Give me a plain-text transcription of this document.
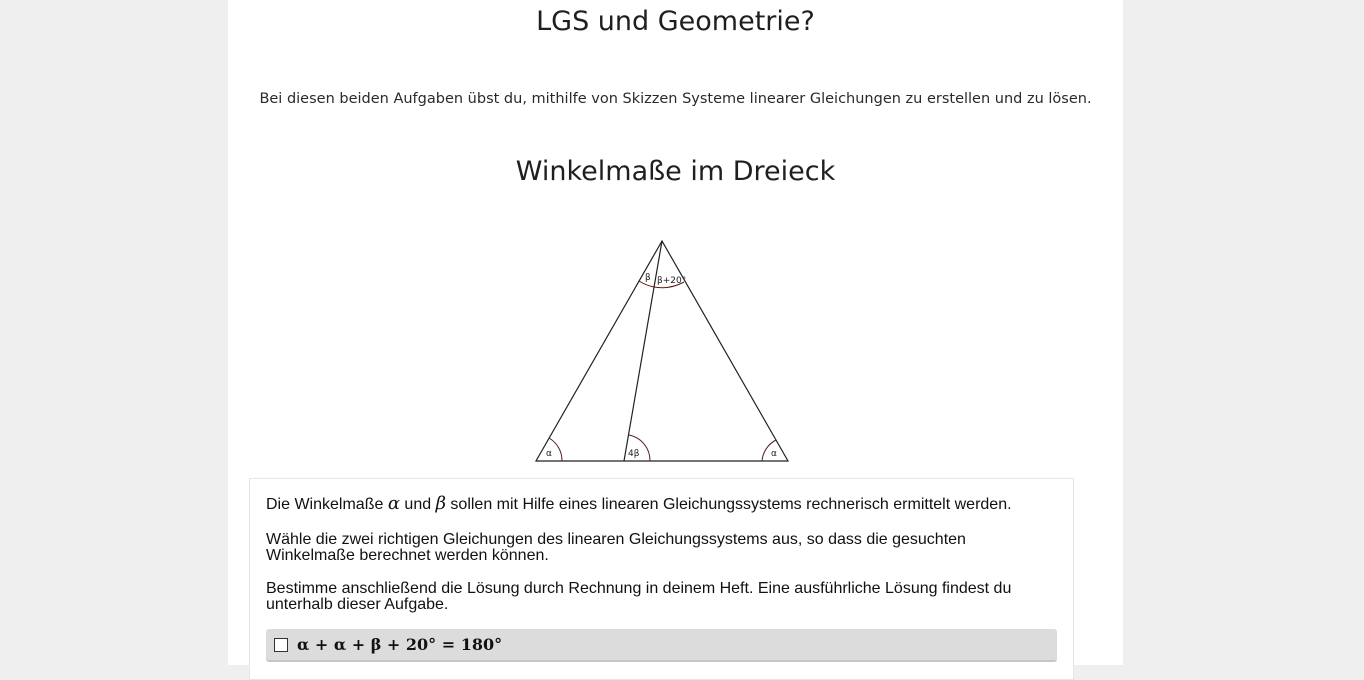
LGS und Geometrie?

Bei diesen beiden Aufgaben übst du, mithilfe von Skizzen Systeme linearer Gleichungen zu erstellen und zu lösen.

Winkelmaße im Dreieck
β β+20°
α	4β	α

Die Winkelmaße α und β sollen mit Hilfe eines linearen Gleichungssystems rechnerisch ermittelt werden.

Wähle die zwei richtigen Gleichungen des linearen Gleichungssystems aus, so dass die gesuchten Winkelmaße berechnet werden können.

Bestimme anschließend die Lösung durch Rechnung in deinem Heft. Eine ausführliche Lösung findest du unterhalb dieser Aufgabe.

α + α + β + 20° = 180°
